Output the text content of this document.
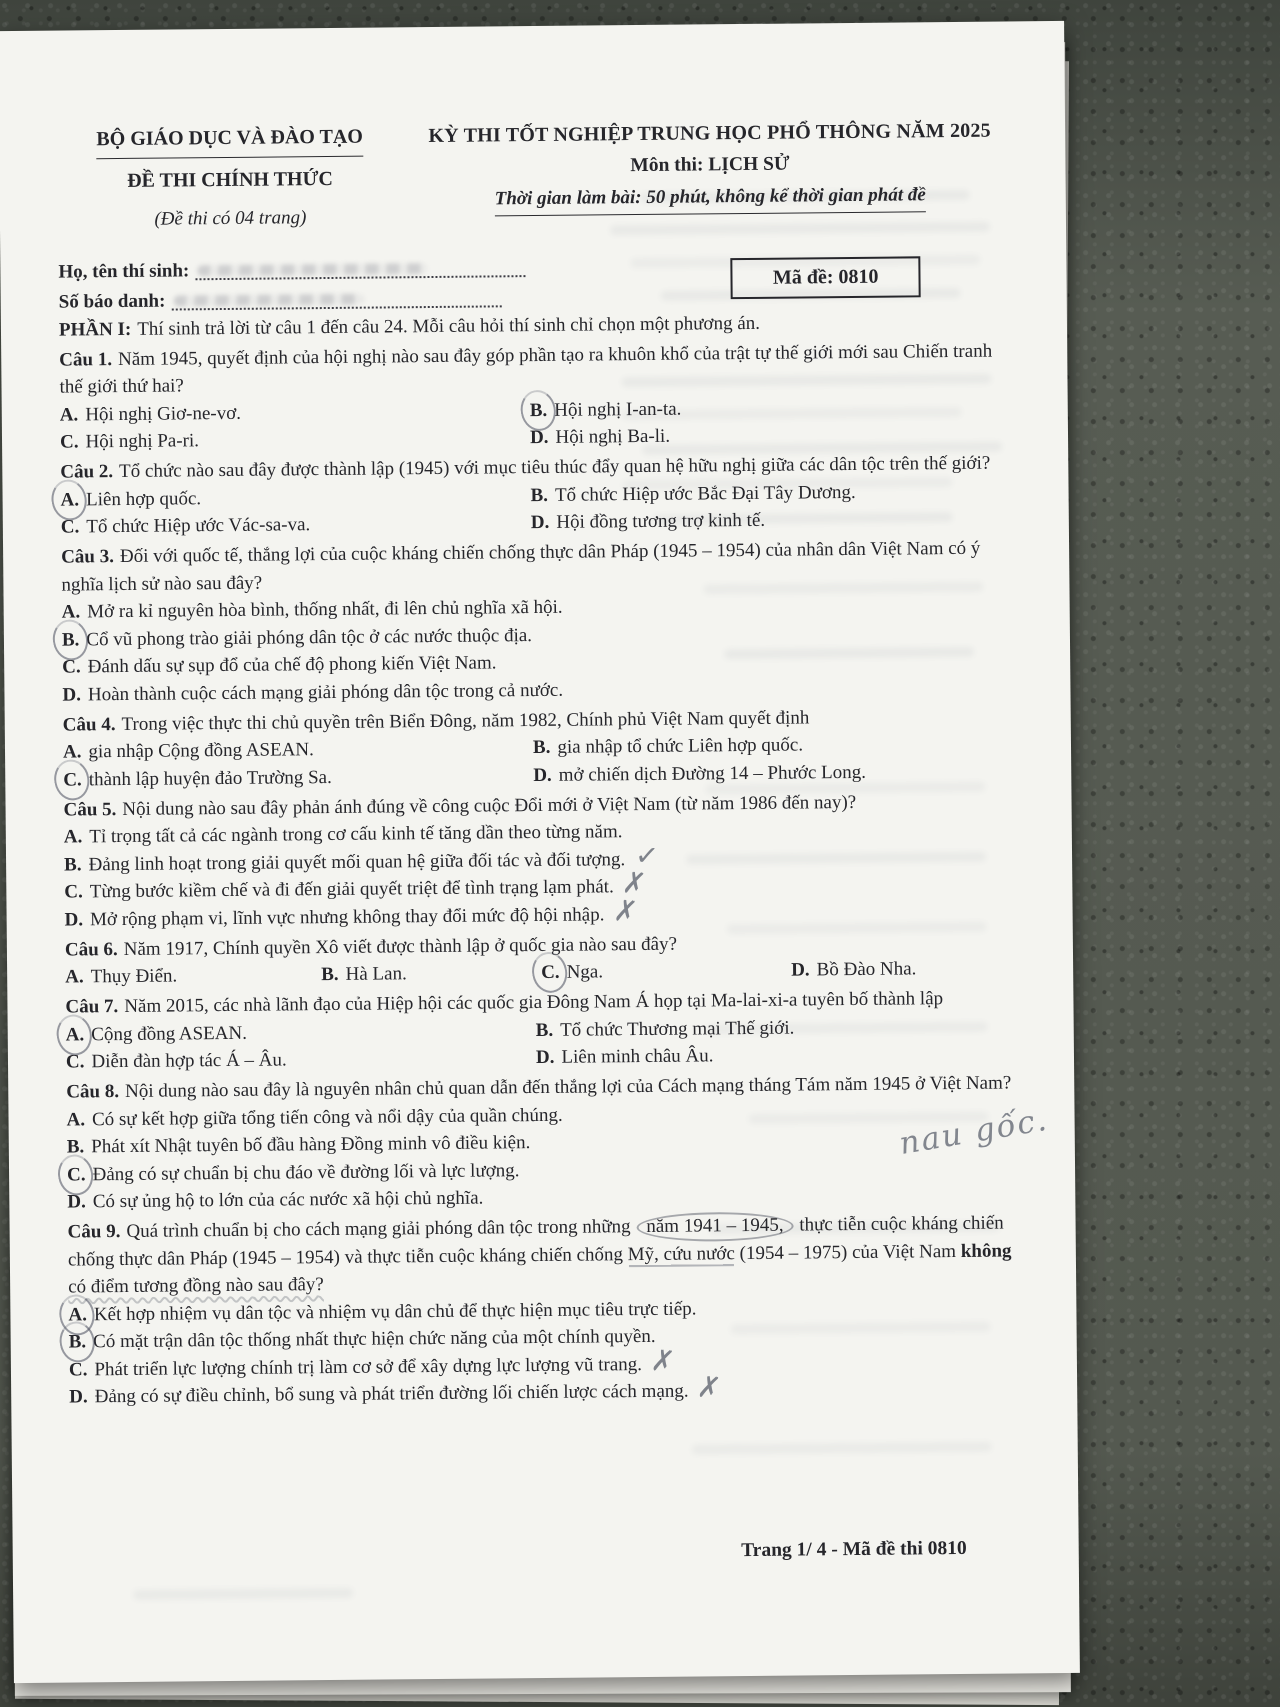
BỘ GIÁO DỤC VÀ ĐÀO TẠO
ĐỀ THI CHÍNH THỨC
(Đề thi có 04 trang)
KỲ THI TỐT NGHIỆP TRUNG HỌC PHỔ THÔNG NĂM 2025
Môn thi: LỊCH SỬ
Thời gian làm bài: 50 phút, không kể thời gian phát đề
Họ, tên thí sinh:
Số báo danh:
Mã đề: 0810

PHẦN I: Thí sinh trả lời từ câu 1 đến câu 24. Mỗi câu hỏi thí sinh chỉ chọn một phương án.

Câu 1. Năm 1945, quyết định của hội nghị nào sau đây góp phần tạo ra khuôn khổ của trật tự thế giới mới sau Chiến tranh thế giới thứ hai?

A. Hội nghị Giơ-ne-vơ.	B. Hội nghị I-an-ta.
C. Hội nghị Pa-ri.	D. Hội nghị Ba-li.

Câu 2. Tổ chức nào sau đây được thành lập (1945) với mục tiêu thúc đẩy quan hệ hữu nghị giữa các dân tộc trên thế giới?

A. Liên hợp quốc.	B. Tổ chức Hiệp ước Bắc Đại Tây Dương.
C. Tổ chức Hiệp ước Vác-sa-va.	D. Hội đồng tương trợ kinh tế.

Câu 3. Đối với quốc tế, thắng lợi của cuộc kháng chiến chống thực dân Pháp (1945 – 1954) của nhân dân Việt Nam có ý nghĩa lịch sử nào sau đây?

A. Mở ra kỉ nguyên hòa bình, thống nhất, đi lên chủ nghĩa xã hội.
B. Cổ vũ phong trào giải phóng dân tộc ở các nước thuộc địa.
C. Đánh dấu sự sụp đổ của chế độ phong kiến Việt Nam.
D. Hoàn thành cuộc cách mạng giải phóng dân tộc trong cả nước.

Câu 4. Trong việc thực thi chủ quyền trên Biển Đông, năm 1982, Chính phủ Việt Nam quyết định

A. gia nhập Cộng đồng ASEAN.	B. gia nhập tổ chức Liên hợp quốc.
C. thành lập huyện đảo Trường Sa.	D. mở chiến dịch Đường 14 – Phước Long.

Câu 5. Nội dung nào sau đây phản ánh đúng về công cuộc Đổi mới ở Việt Nam (từ năm 1986 đến nay)?

A. Tỉ trọng tất cả các ngành trong cơ cấu kinh tế tăng dần theo từng năm.
B. Đảng linh hoạt trong giải quyết mối quan hệ giữa đối tác và đối tượng. ✓
C. Từng bước kiềm chế và đi đến giải quyết triệt để tình trạng lạm phát. ✗
D. Mở rộng phạm vi, lĩnh vực nhưng không thay đổi mức độ hội nhập. ✗

Câu 6. Năm 1917, Chính quyền Xô viết được thành lập ở quốc gia nào sau đây?

A. Thụy Điển.	B. Hà Lan.	C. Nga.	D. Bồ Đào Nha.

Câu 7. Năm 2015, các nhà lãnh đạo của Hiệp hội các quốc gia Đông Nam Á họp tại Ma-lai-xi-a tuyên bố thành lập

A. Cộng đồng ASEAN.	B. Tổ chức Thương mại Thế giới.
C. Diễn đàn hợp tác Á – Âu.	D. Liên minh châu Âu.

Câu 8. Nội dung nào sau đây là nguyên nhân chủ quan dẫn đến thắng lợi của Cách mạng tháng Tám năm 1945 ở Việt Nam?

A. Có sự kết hợp giữa tổng tiến công và nổi dậy của quần chúng.
B. Phát xít Nhật tuyên bố đầu hàng Đồng minh vô điều kiện.
C. Đảng có sự chuẩn bị chu đáo về đường lối và lực lượng.
D. Có sự ủng hộ to lớn của các nước xã hội chủ nghĩa.

Câu 9. Quá trình chuẩn bị cho cách mạng giải phóng dân tộc trong những năm 1941 – 1945, thực tiễn cuộc kháng chiến chống thực dân Pháp (1945 – 1954) và thực tiễn cuộc kháng chiến chống Mỹ, cứu nước (1954 – 1975) của Việt Nam không có điểm tương đồng nào sau đây?

A. Kết hợp nhiệm vụ dân tộc và nhiệm vụ dân chủ để thực hiện mục tiêu trực tiếp.
B. Có mặt trận dân tộc thống nhất thực hiện chức năng của một chính quyền.
C. Phát triển lực lượng chính trị làm cơ sở để xây dựng lực lượng vũ trang. ✗
D. Đảng có sự điều chỉnh, bổ sung và phát triển đường lối chiến lược cách mạng. ✗
nau gốc.
Trang 1/ 4 - Mã đề thi 0810
